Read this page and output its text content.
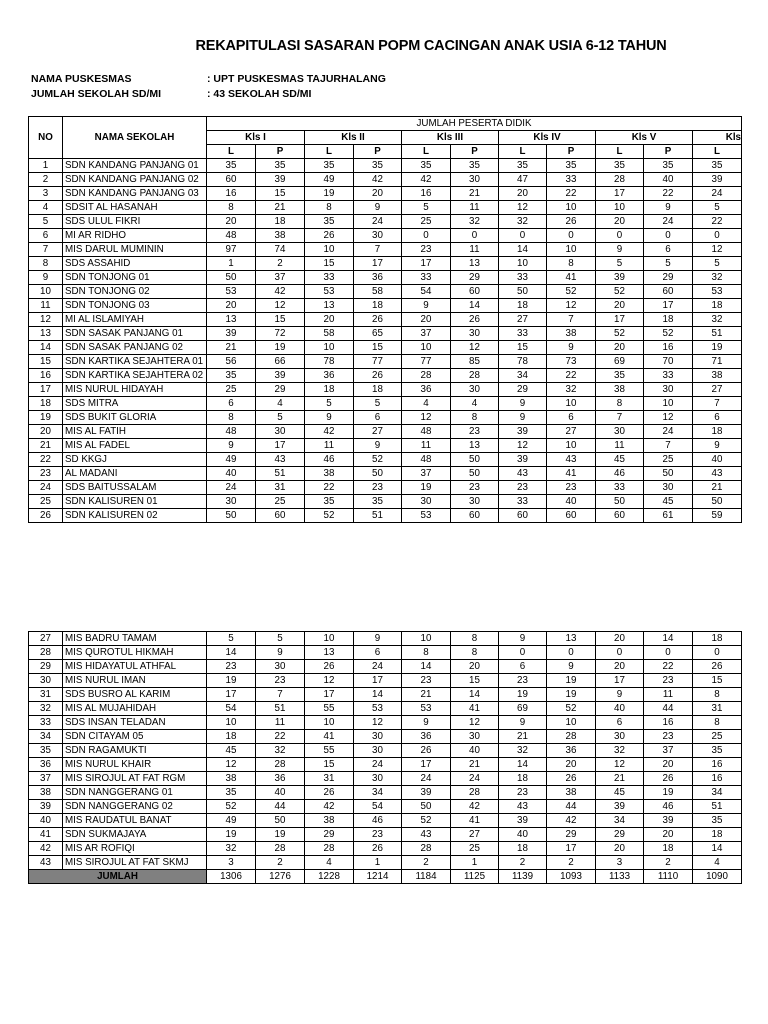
REKAPITULASI SASARAN POPM CACINGAN ANAK USIA 6-12 TAHUN
NAMA PUSKESMAS	: UPT PUSKESMAS TAJURHALANG
JUMLAH SEKOLAH SD/MI	: 43 SEKOLAH SD/MI
NO	NAMA SEKOLAH	JUMLAH PESERTA DIDIK										
		Kls I		Kls II		Kls III		Kls IV		Kls V		Kls
		L	P	L	P	L	P	L	P	L	P	L
1	SDN KANDANG PANJANG 01	35	35	35	35	35	35	35	35	35	35	35
2	SDN KANDANG PANJANG 02	60	39	49	42	42	30	47	33	28	40	39
3	SDN KANDANG PANJANG 03	16	15	19	20	16	21	20	22	17	22	24
4	SDSIT AL HASANAH	8	21	8	9	5	11	12	10	10	9	5
5	SDS ULUL FIKRI	20	18	35	24	25	32	32	26	20	24	22
6	MI AR RIDHO	48	38	26	30	0	0	0	0	0	0	0
7	MIS DARUL MUMININ	97	74	10	7	23	11	14	10	9	6	12
8	SDS ASSAHID	1	2	15	17	17	13	10	8	5	5	5
9	SDN TONJONG 01	50	37	33	36	33	29	33	41	39	29	32
10	SDN TONJONG 02	53	42	53	58	54	60	50	52	52	60	53
11	SDN TONJONG 03	20	12	13	18	9	14	18	12	20	17	18
12	MI AL ISLAMIYAH	13	15	20	26	20	26	27	7	17	18	32
13	SDN SASAK PANJANG 01	39	72	58	65	37	30	33	38	52	52	51
14	SDN SASAK PANJANG 02	21	19	10	15	10	12	15	9	20	16	19
15	SDN KARTIKA SEJAHTERA 01	56	66	78	77	77	85	78	73	69	70	71
16	SDN KARTIKA SEJAHTERA 02	35	39	36	26	28	28	34	22	35	33	38
17	MIS NURUL HIDAYAH	25	29	18	18	36	30	29	32	38	30	27
18	SDS MITRA	6	4	5	5	4	4	9	10	8	10	7
19	SDS BUKIT GLORIA	8	5	9	6	12	8	9	6	7	12	6
20	MIS AL FATIH	48	30	42	27	48	23	39	27	30	24	18
21	MIS AL FADEL	9	17	11	9	11	13	12	10	11	7	9
22	SD KKGJ	49	43	46	52	48	50	39	43	45	25	40
23	AL MADANI	40	51	38	50	37	50	43	41	46	50	43
24	SDS BAITUSSALAM	24	31	22	23	19	23	23	23	33	30	21
25	SDN KALISUREN 01	30	25	35	35	30	30	33	40	50	45	50
26	SDN KALISUREN 02	50	60	52	51	53	60	60	60	60	61	59
27	MIS BADRU TAMAM	5	5	10	9	10	8	9	13	20	14	18
28	MIS QUROTUL HIKMAH	14	9	13	6	8	8	0	0	0	0	0
29	MIS HIDAYATUL ATHFAL	23	30	26	24	14	20	6	9	20	22	26
30	MIS NURUL IMAN	19	23	12	17	23	15	23	19	17	23	15
31	SDS BUSRO AL KARIM	17	7	17	14	21	14	19	19	9	11	8
32	MIS AL MUJAHIDAH	54	51	55	53	53	41	69	52	40	44	31
33	SDS INSAN TELADAN	10	11	10	12	9	12	9	10	6	16	8
34	SDN CITAYAM 05	18	22	41	30	36	30	21	28	30	23	25
35	SDN RAGAMUKTI	45	32	55	30	26	40	32	36	32	37	35
36	MIS NURUL KHAIR	12	28	15	24	17	21	14	20	12	20	16
37	MIS SIROJUL AT FAT RGM	38	36	31	30	24	24	18	26	21	26	16
38	SDN NANGGERANG 01	35	40	26	34	39	28	23	38	45	19	34
39	SDN NANGGERANG 02	52	44	42	54	50	42	43	44	39	46	51
40	MIS RAUDATUL BANAT	49	50	38	46	52	41	39	42	34	39	35
41	SDN SUKMAJAYA	19	19	29	23	43	27	40	29	29	20	18
42	MIS AR ROFIQI	32	28	28	26	28	25	18	17	20	18	14
43	MIS SIROJUL AT FAT SKMJ	3	2	4	1	2	1	2	2	3	2	4
JUMLAH		1306	1276	1228	1214	1184	1125	1139	1093	1133	1110	1090
